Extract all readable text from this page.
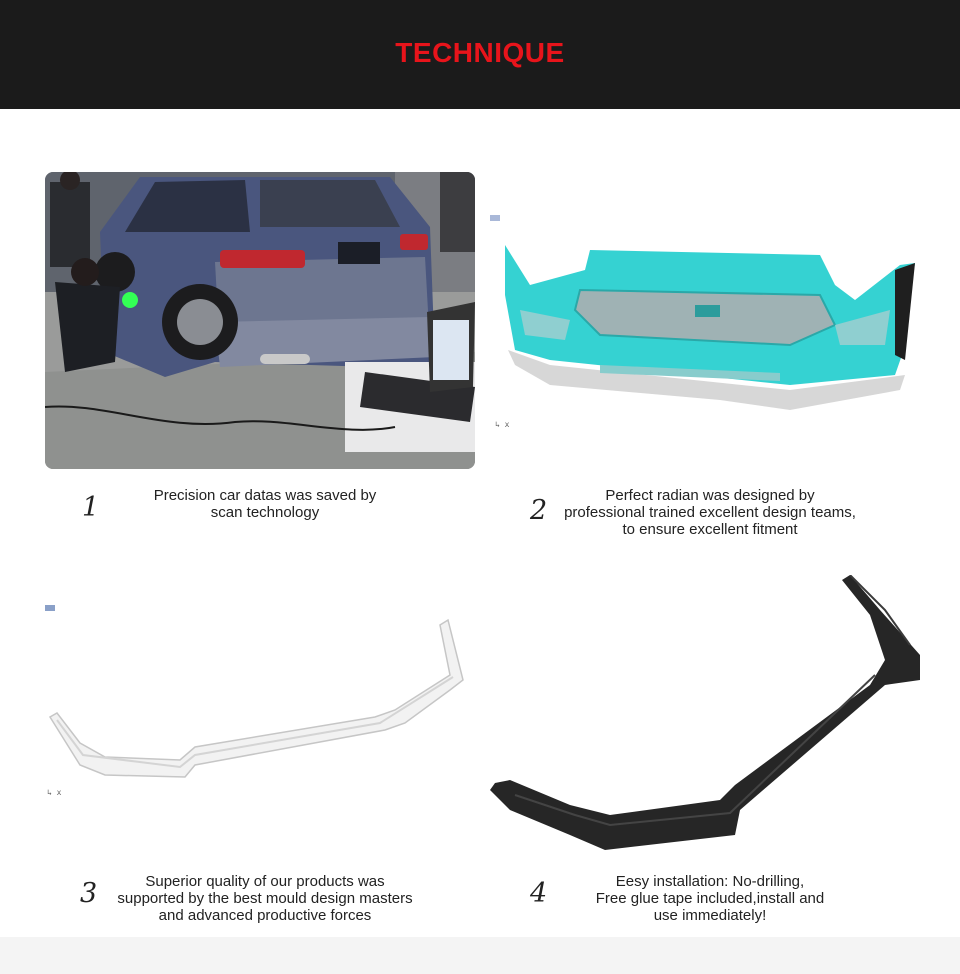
TECHNIQUE
↳ x
1	Precision car datas was saved by
scan technology	2	Perfect radian was designed by
professional trained excellent design teams,
to ensure excellent fitment
↳ x
3	Superior quality of our products was
supported by the best mould design masters
and advanced productive forces
4	Eesy installation: No-drilling,
Free glue tape included,install and
use immediately!
